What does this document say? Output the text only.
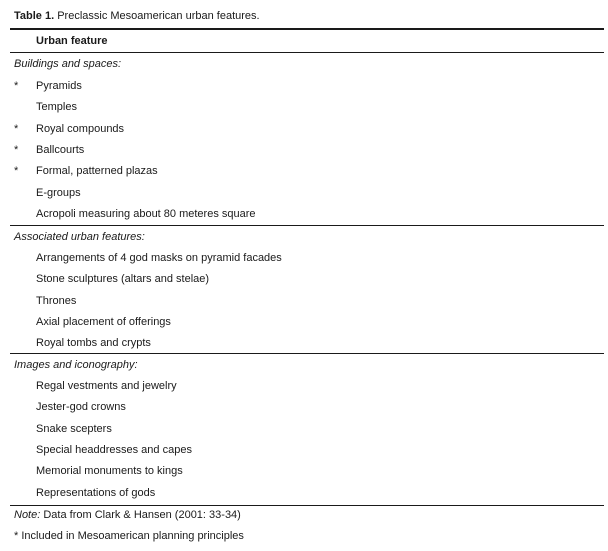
Table 1. Preclassic Mesoamerican urban features.
Urban feature
Buildings and spaces:
*	Pyramids
Temples
*	Royal compounds
*	Ballcourts
*	Formal, patterned plazas
E-groups
Acropoli measuring about 80 meteres square
Associated urban features:
Arrangements of 4 god masks on pyramid facades
Stone sculptures (altars and stelae)
Thrones
Axial placement of offerings
Royal tombs and crypts
Images and iconography:
Regal vestments and jewelry
Jester-god crowns
Snake scepters
Special headdresses and capes
Memorial monuments to kings
Representations of gods
Note: Data from Clark & Hansen (2001: 33-34)
* Included in Mesoamerican planning principles
